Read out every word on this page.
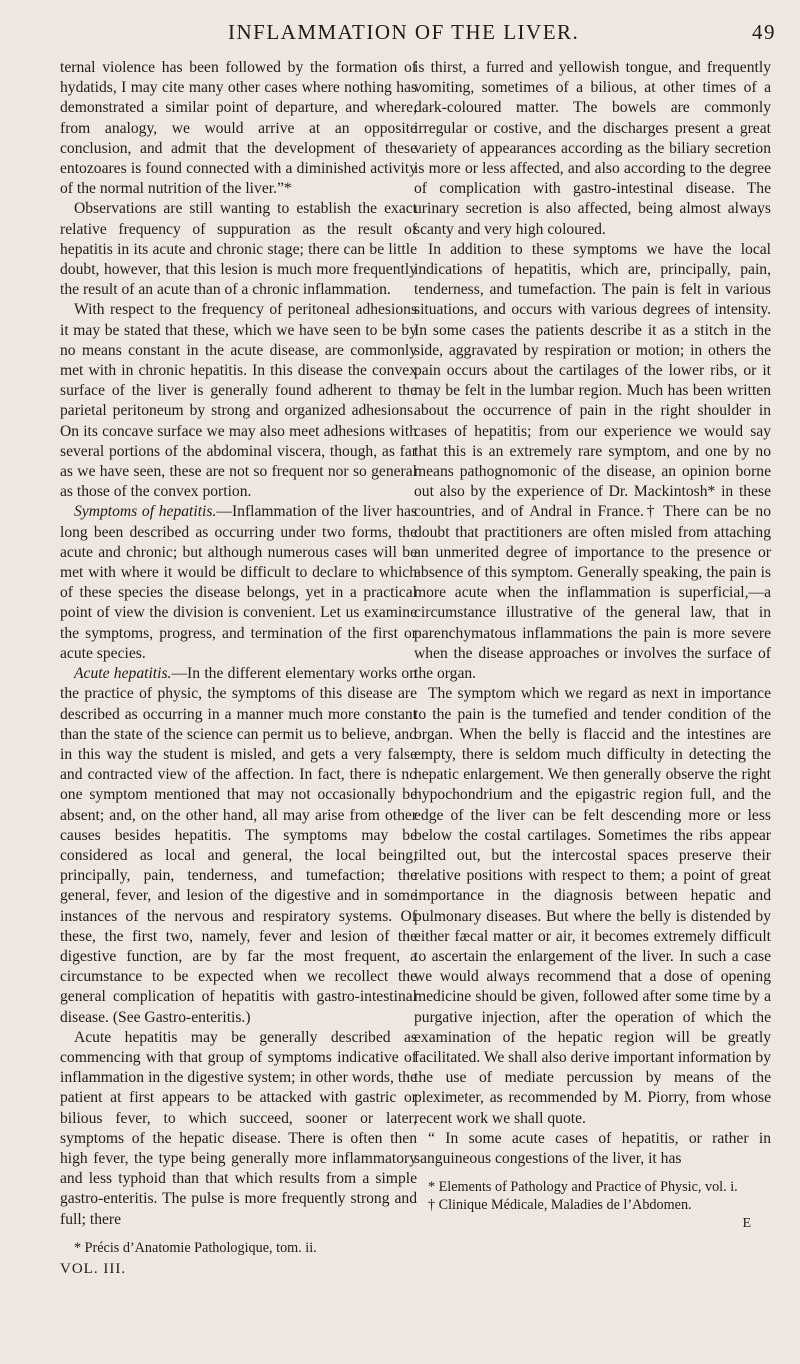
INFLAMMATION OF THE LIVER.	49

ternal violence has been followed by the formation of hydatids, I may cite many other cases where nothing has demonstrated a similar point of departure, and where, from analogy, we would arrive at an opposite conclusion, and admit that the development of these entozoares is found connected with a diminished activity of the normal nutrition of the liver.”*

Observations are still wanting to establish the exact relative frequency of suppuration as the result of hepatitis in its acute and chronic stage; there can be little doubt, however, that this lesion is much more frequently the result of an acute than of a chronic inflammation.

With respect to the frequency of peritoneal adhesions it may be stated that these, which we have seen to be by no means constant in the acute disease, are commonly met with in chronic hepatitis. In this disease the convex surface of the liver is generally found adherent to the parietal peritoneum by strong and organized adhesions. On its concave surface we may also meet adhesions with several portions of the abdominal viscera, though, as far as we have seen, these are not so frequent nor so general as those of the convex portion.

Symptoms of hepatitis.—Inflammation of the liver has long been described as occurring under two forms, the acute and chronic; but although numerous cases will be met with where it would be difficult to declare to which of these species the disease belongs, yet in a practical point of view the division is convenient. Let us examine the symptoms, progress, and termination of the first or acute species.

Acute hepatitis.—In the different elementary works on the practice of physic, the symptoms of this disease are described as occurring in a manner much more constant than the state of the science can permit us to believe, and in this way the student is misled, and gets a very false and contracted view of the affection. In fact, there is no one symptom mentioned that may not occasionally be absent; and, on the other hand, all may arise from other causes besides hepatitis. The symptoms may be considered as local and general, the local being, principally, pain, tenderness, and tumefaction; the general, fever, and lesion of the digestive and in some instances of the nervous and respiratory systems. Of these, the first two, namely, fever and lesion of the digestive function, are by far the most frequent, a circumstance to be expected when we recollect the general complication of hepatitis with gastro-intestinal disease. (See Gastro-enteritis.)

Acute hepatitis may be generally described as commencing with that group of symptoms indicative of inflammation in the digestive system; in other words, the patient at first appears to be attacked with gastric or bilious fever, to which succeed, sooner or later, symptoms of the hepatic disease. There is often then high fever, the type being generally more inflammatory and less typhoid than that which results from a simple gastro-enteritis. The pulse is more frequently strong and full; there

* Précis d’Anatomie Pathologique, tom. ii.

VOL. III.

is thirst, a furred and yellowish tongue, and frequently vomiting, sometimes of a bilious, at other times of a dark-coloured matter. The bowels are commonly irregular or costive, and the discharges present a great variety of appearances according as the biliary secretion is more or less affected, and also according to the degree of complication with gastro-intestinal disease. The urinary secretion is also affected, being almost always scanty and very high coloured.

In addition to these symptoms we have the local indications of hepatitis, which are, principally, pain, tenderness, and tumefaction. The pain is felt in various situations, and occurs with various degrees of intensity. In some cases the patients describe it as a stitch in the side, aggravated by respiration or motion; in others the pain occurs about the cartilages of the lower ribs, or it may be felt in the lumbar region. Much has been written about the occurrence of pain in the right shoulder in cases of hepatitis; from our experience we would say that this is an extremely rare symptom, and one by no means pathognomonic of the disease, an opinion borne out also by the experience of Dr. Mackintosh* in these countries, and of Andral in France.† There can be no doubt that practitioners are often misled from attaching an unmerited degree of importance to the presence or absence of this symptom. Generally speaking, the pain is more acute when the inflammation is superficial,—a circumstance illustrative of the general law, that in parenchymatous inflammations the pain is more severe when the disease approaches or involves the surface of the organ.

The symptom which we regard as next in importance to the pain is the tumefied and tender condition of the organ. When the belly is flaccid and the intestines are empty, there is seldom much difficulty in detecting the hepatic enlargement. We then generally observe the right hypochondrium and the epigastric region full, and the edge of the liver can be felt descending more or less below the costal cartilages. Sometimes the ribs appear tilted out, but the intercostal spaces preserve their relative positions with respect to them; a point of great importance in the diagnosis between hepatic and pulmonary diseases. But where the belly is distended by either fæcal matter or air, it becomes extremely difficult to ascertain the enlargement of the liver. In such a case we would always recommend that a dose of opening medicine should be given, followed after some time by a purgative injection, after the operation of which the examination of the hepatic region will be greatly facilitated. We shall also derive important information by the use of mediate percussion by means of the pleximeter, as recommended by M. Piorry, from whose recent work we shall quote.

“ In some acute cases of hepatitis, or rather in sanguineous congestions of the liver, it has

* Elements of Pathology and Practice of Physic, vol. i.

† Clinique Médicale, Maladies de l’Abdomen.

E
